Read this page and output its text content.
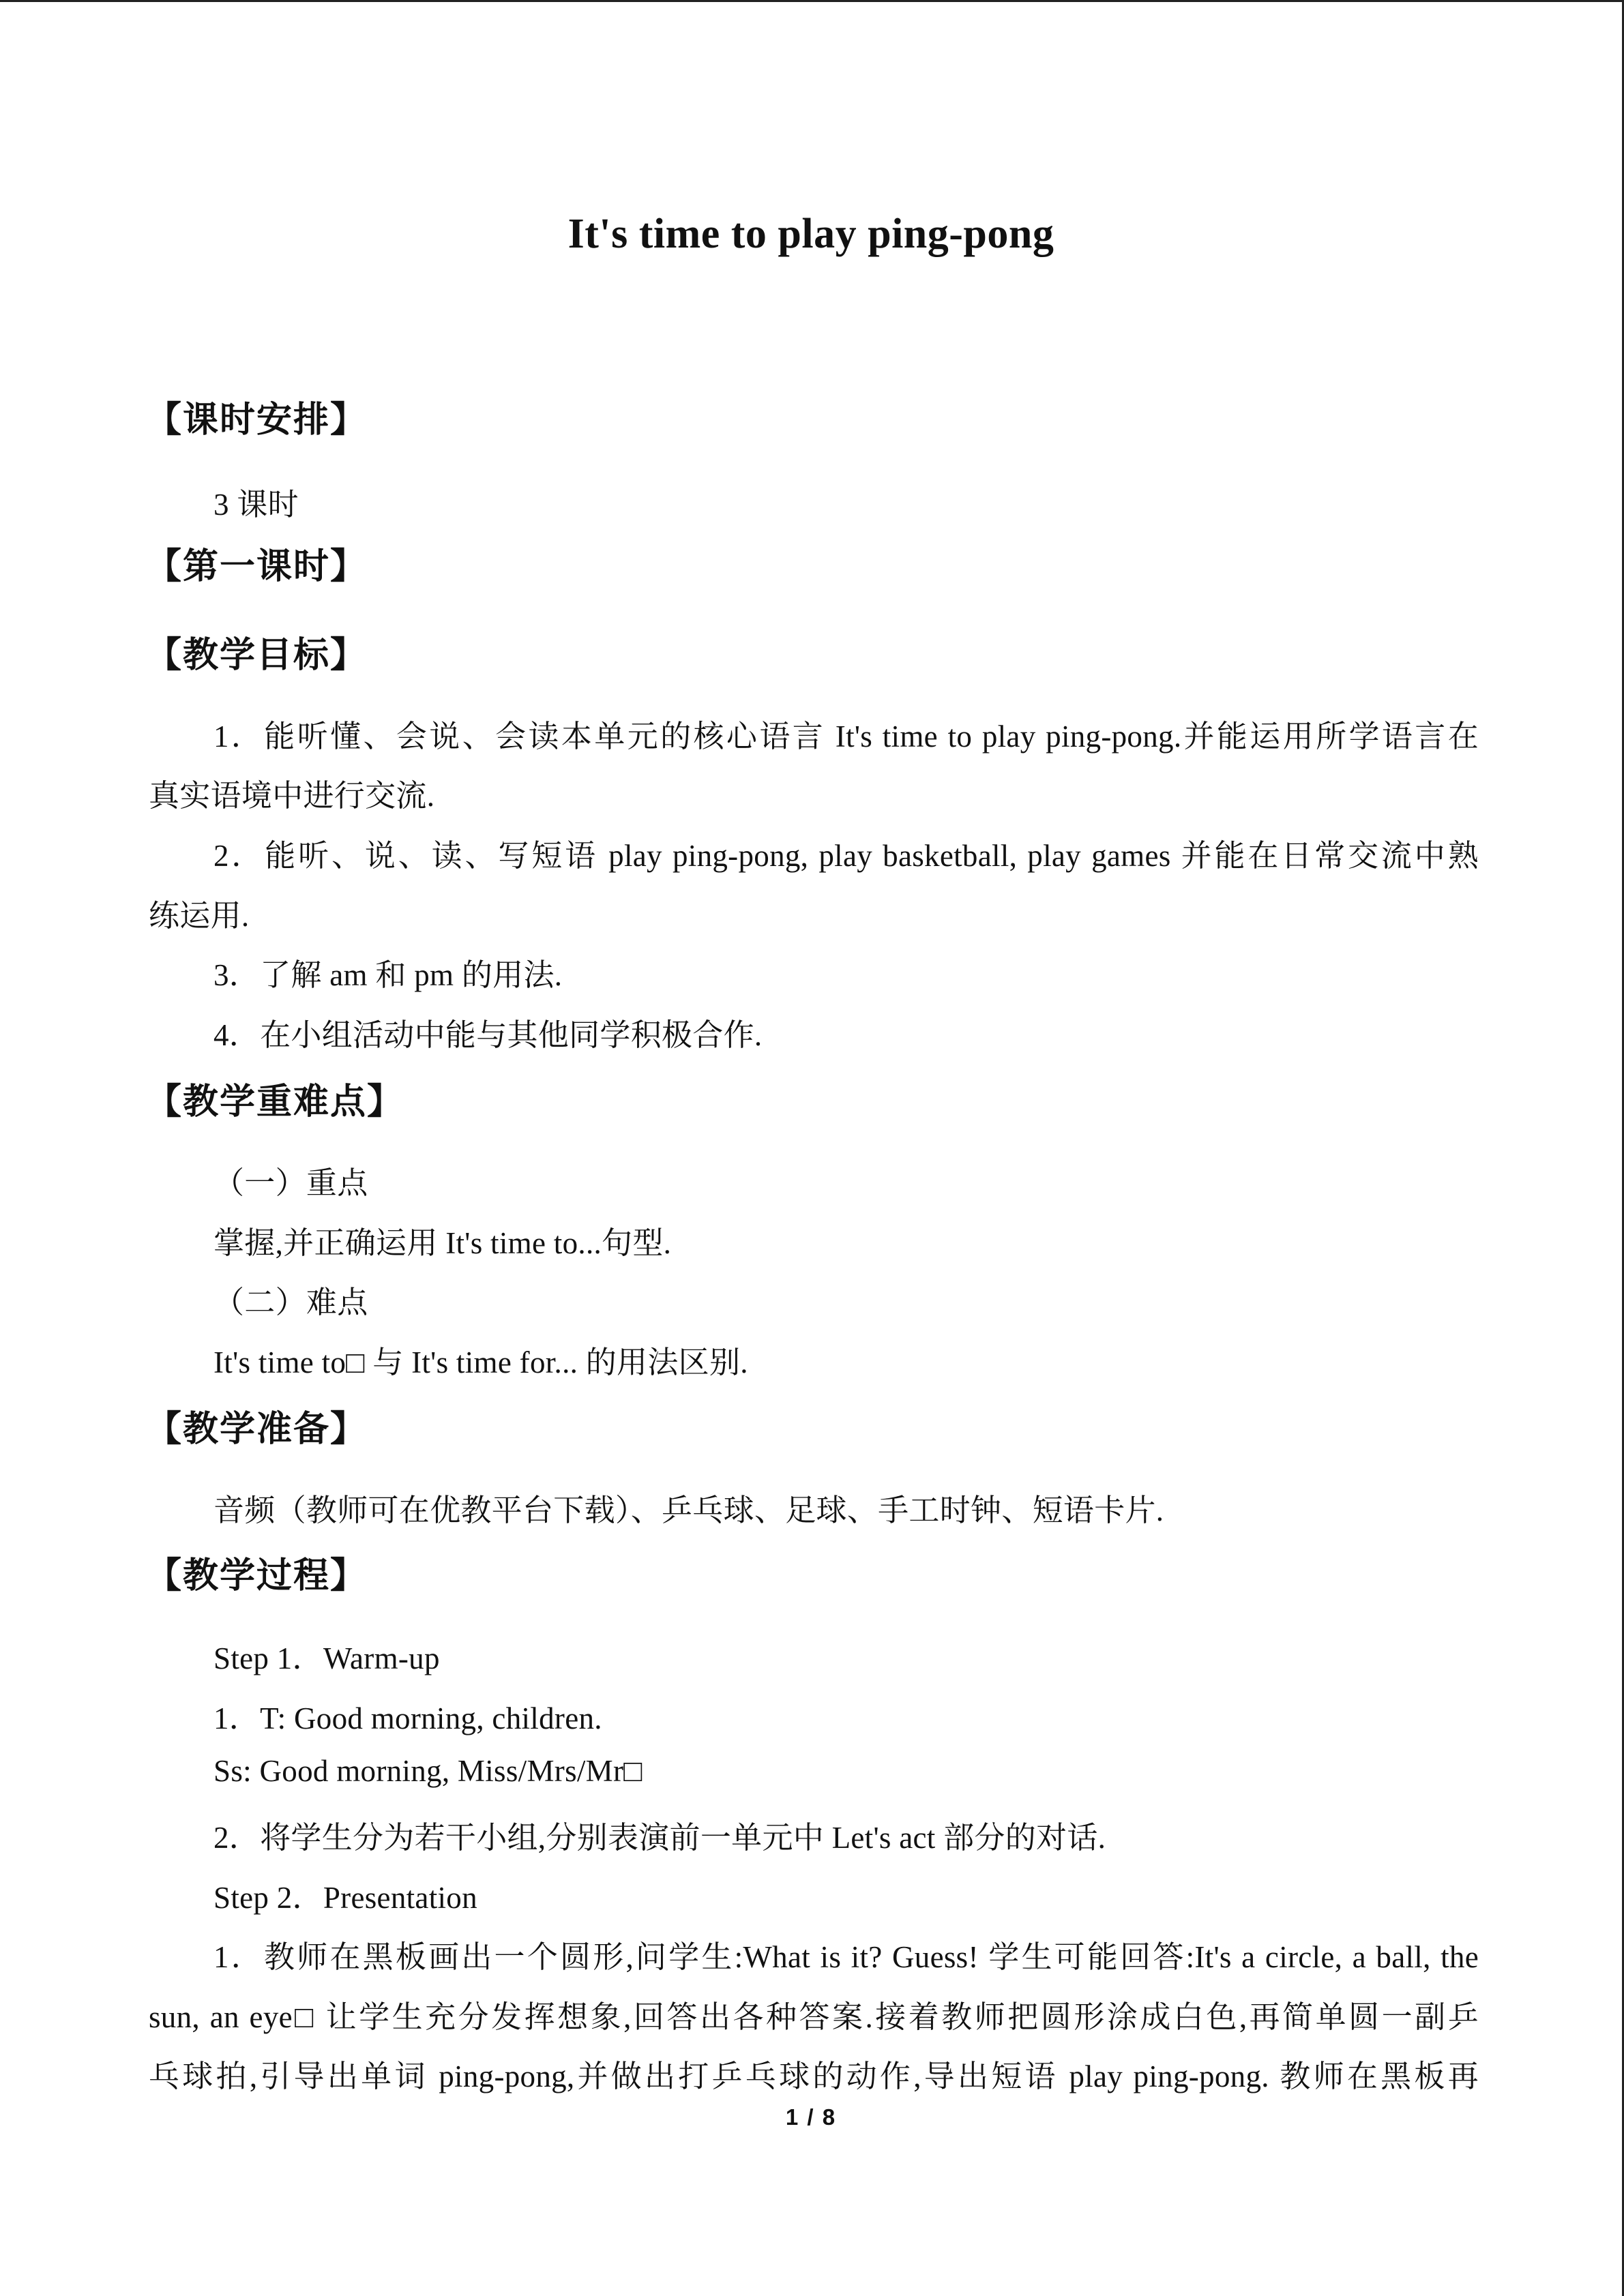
It's time to play ping-pong
【课时安排】
3 课时
【第一课时】
【教学目标】
1．能听懂、会说、会读本单元的核心语言 It's time to play ping-pong.并能运用所学语言在
真实语境中进行交流.
2．能听、说、读、写短语 play ping-pong, play basketball, play games 并能在日常交流中熟
练运用.
3．了解 am 和 pm 的用法.
4．在小组活动中能与其他同学积极合作.
【教学重难点】
（一）重点
掌握,并正确运用 It's time to...句型.
（二）难点
It's time to□ 与 It's time for... 的用法区别.
【教学准备】
音频（教师可在优教平台下载）、乒乓球、足球、手工时钟、短语卡片.
【教学过程】
Step 1．Warm-up
1．T: Good morning, children.
Ss: Good morning, Miss/Mrs/Mr□
2．将学生分为若干小组,分别表演前一单元中 Let's act 部分的对话.
Step 2．Presentation
1．教师在黑板画出一个圆形,问学生:What is it? Guess! 学生可能回答:It's a circle, a ball, the
sun, an eye□ 让学生充分发挥想象,回答出各种答案.接着教师把圆形涂成白色,再简单圆一副乒
乓球拍,引导出单词 ping-pong,并做出打乒乓球的动作,导出短语 play ping-pong. 教师在黑板再
1 / 8
